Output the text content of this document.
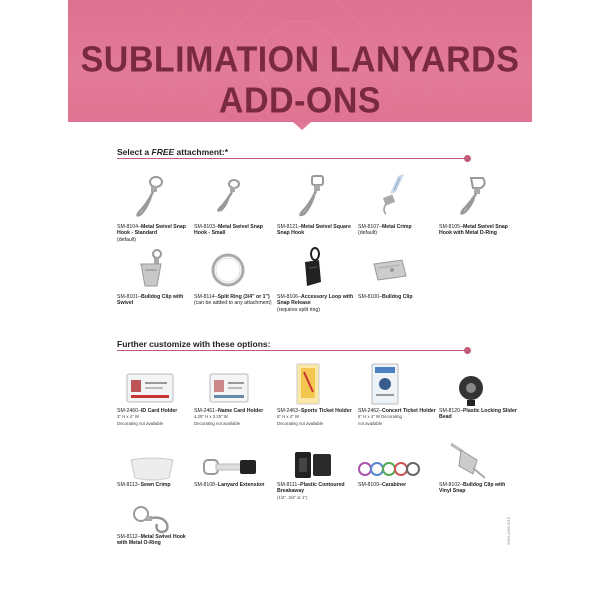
SUBLIMATION LANYARDS ADD-ONS
Select a FREE attachment:*
SM-8104–Metal Swivel Snap Hook - Standard
(default)
SM-8103–Metal Swivel Snap Hook - Small
SM-8121–Metal Swivel Square Snap Hook
SM-8107–Metal Crimp
(default)
SM-8105–Metal Swivel Snap Hook with Metal D-Ring
SM-8101–Bulldog Clip with Swivel
SM-8114–Split Ring (3/4" or 1")
(can be added to any attachment)
SM-8106–Accessory Loop with Snap Release
(requires split ring)
SM-8100–Bulldog Clip
Further customize with these options:
SM-2460–ID Card Holder
3" H x 4" W
Decorating not available
SM-2461–Name Card Holder
4.25" H x 3.25" W
Decorating not available
SM-2463–Sports Ticket Holder
8" H x 4" W
Decorating not available
SM-2462–Concert Ticket Holder
6" H x 4" W Decorating
not available
SM-8120–Plastic Locking Slider Bead
SM-8113–Sewn Crimp	SM-8108–Lanyard Extension	SM-8111–Plastic Contoured Breakaway
(1/2", 3/4" or 1")
SM-8109–Carabiner	SM-8102–Bulldog Clip with Vinyl Snap
SM-8112–Metal Swivel Hook with Metal O-Ring	2016-1565 5/16
